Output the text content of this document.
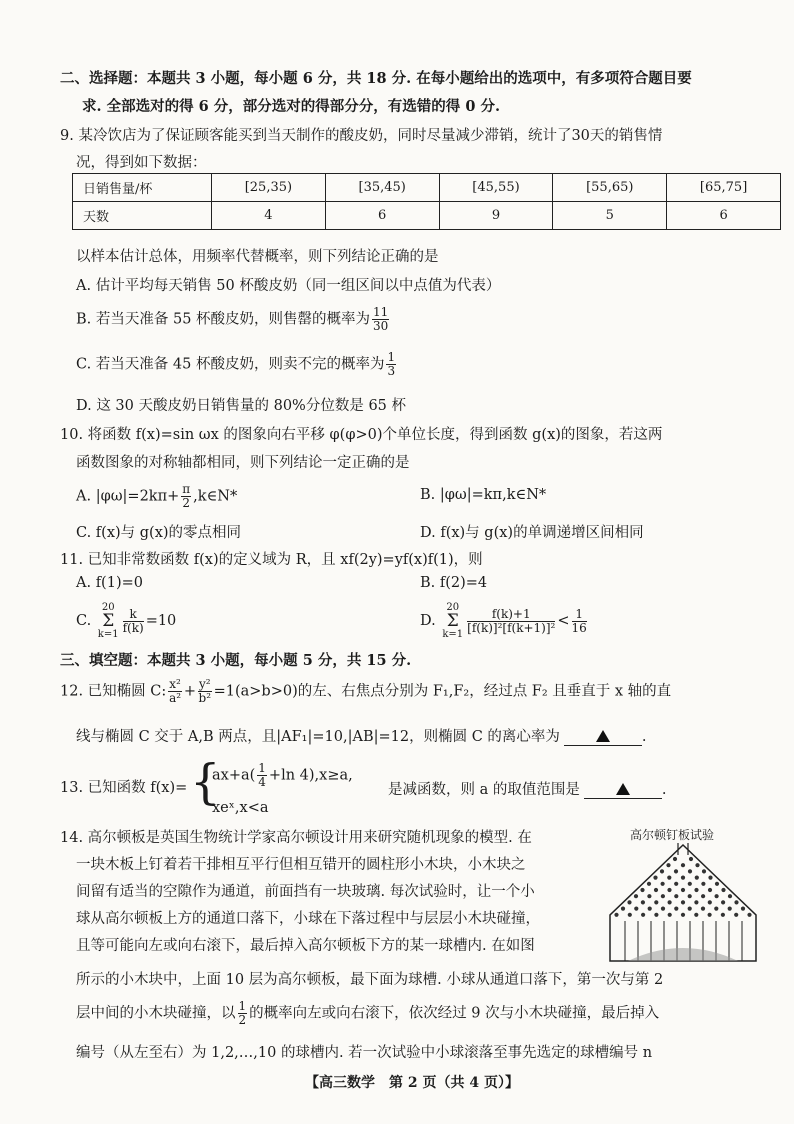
二、选择题：本题共 3 小题，每小题 6 分，共 18 分. 在每小题给出的选项中，有多项符合题目要
求. 全部选对的得 6 分，部分选对的得部分分，有选错的得 0 分.
9. 某冷饮店为了保证顾客能买到当天制作的酸皮奶，同时尽量减少滞销，统计了30天的销售情
况，得到如下数据：
日销售量/杯	[25,35)	[35,45)	[45,55)	[55,65)	[65,75]
天数	4	6	9	5	6
以样本估计总体，用频率代替概率，则下列结论正确的是
A. 估计平均每天销售 50 杯酸皮奶（同一组区间以中点值为代表）
B. 若当天准备 55 杯酸皮奶，则售罄的概率为 $\frac{11}{30}$
C. 若当天准备 45 杯酸皮奶，则卖不完的概率为 $\frac{1}{3}$
D. 这 30 天酸皮奶日销售量的 80%分位数是 65 杯
10. 将函数 f(x)=sin ωx 的图象向右平移 φ(φ>0)个单位长度，得到函数 g(x)的图象，若这两
函数图象的对称轴都相同，则下列结论一定正确的是
A. $|\varphi\omega|=2k\pi+ \frac{\pi}{2}$ ,k∈N*	B. |φω|=kπ,k∈N*
C. f(x)与 g(x)的零点相同	D. f(x)与 g(x)的单调递增区间相同
11. 已知非常数函数 f(x)的定义域为 R，且 xf(2y)=yf(x)f(1)，则
A. f(1)=0	B. f(2)=4
C.
20
Σ
$k=1 \frac{k}{f(k)} =10$	D.
20
Σ
$k=1 \frac{f(k)+1}{\text{[f(k)]²[f(k+1)]²}} < \frac{1}{16}$
三、填空题：本题共 3 小题，每小题 5 分，共 15 分.
12. 已知椭圆 C: $\frac{\text{x²}}{\text{a²}} + \frac{\text{y²}}{\text{b²}} =1(a>b>0)$的左、右焦点分别为 F₁,F₂，经过点 F₂ 且垂直于 x 轴的直
线与椭圆 C 交于 A,B 两点，且|AF₁|=10,|AB|=12，则椭圆 C 的离心率为	.
13. 已知函数 f(x)= {
$ax+a( \frac{1}{4} +\ln$ 4),x≥a,
xeˣ,x<a
是减函数，则 a 的取值范围是	.
14. 高尔顿板是英国生物统计学家高尔顿设计用来研究随机现象的模型. 在
一块木板上钉着若干排相互平行但相互错开的圆柱形小木块，小木块之
间留有适当的空隙作为通道，前面挡有一块玻璃. 每次试验时，让一个小
球从高尔顿板上方的通道口落下，小球在下落过程中与层层小木块碰撞，
且等可能向左或向右滚下，最后掉入高尔顿板下方的某一球槽内. 在如图
所示的小木块中，上面 10 层为高尔顿板，最下面为球槽. 小球从通道口落下，第一次与第 2
层中间的小木块碰撞，以 $\frac{1}{2}$ 的概率向左或向右滚下，依次经过 9 次与小木块碰撞，最后掉入
编号（从左至右）为 1,2,…,10 的球槽内. 若一次试验中小球滚落至事先选定的球槽编号 n
高尔顿钉板试验
【高三数学　第 2 页（共 4 页）】
